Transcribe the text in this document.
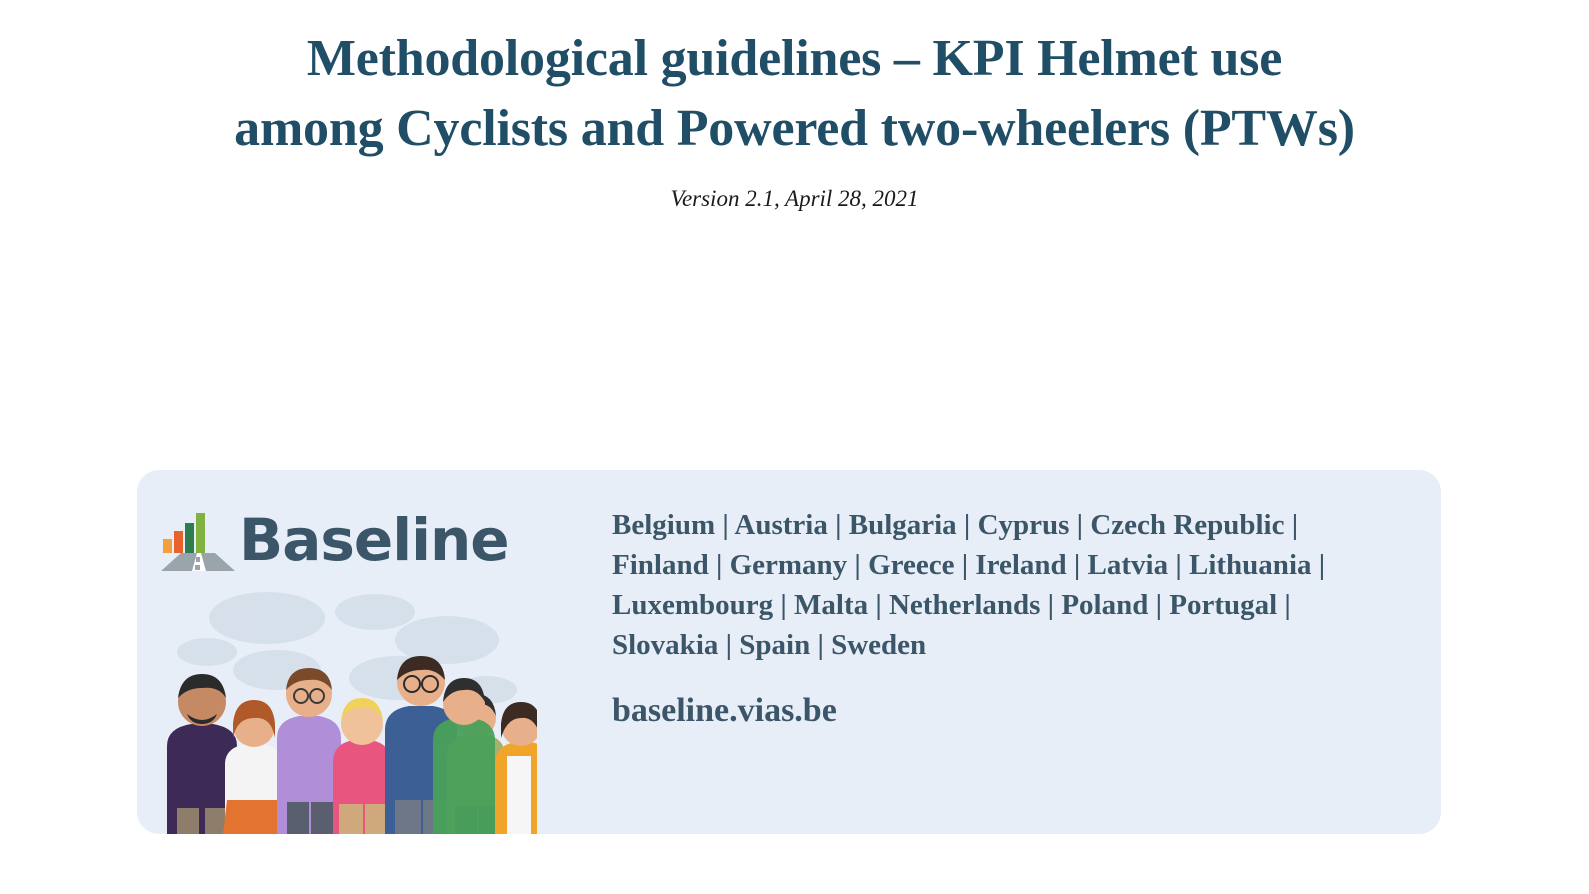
Methodological guidelines – KPI Helmet use
among Cyclists and Powered two-wheelers (PTWs)
Version 2.1, April 28, 2021
Baseline	Belgium | Austria | Bulgaria | Cyprus | Czech Republic | Finland | Germany | Greece | Ireland | Latvia | Lithuania | Luxembourg | Malta | Netherlands | Poland | Portugal | Slovakia | Spain | Sweden
baseline.vias.be
